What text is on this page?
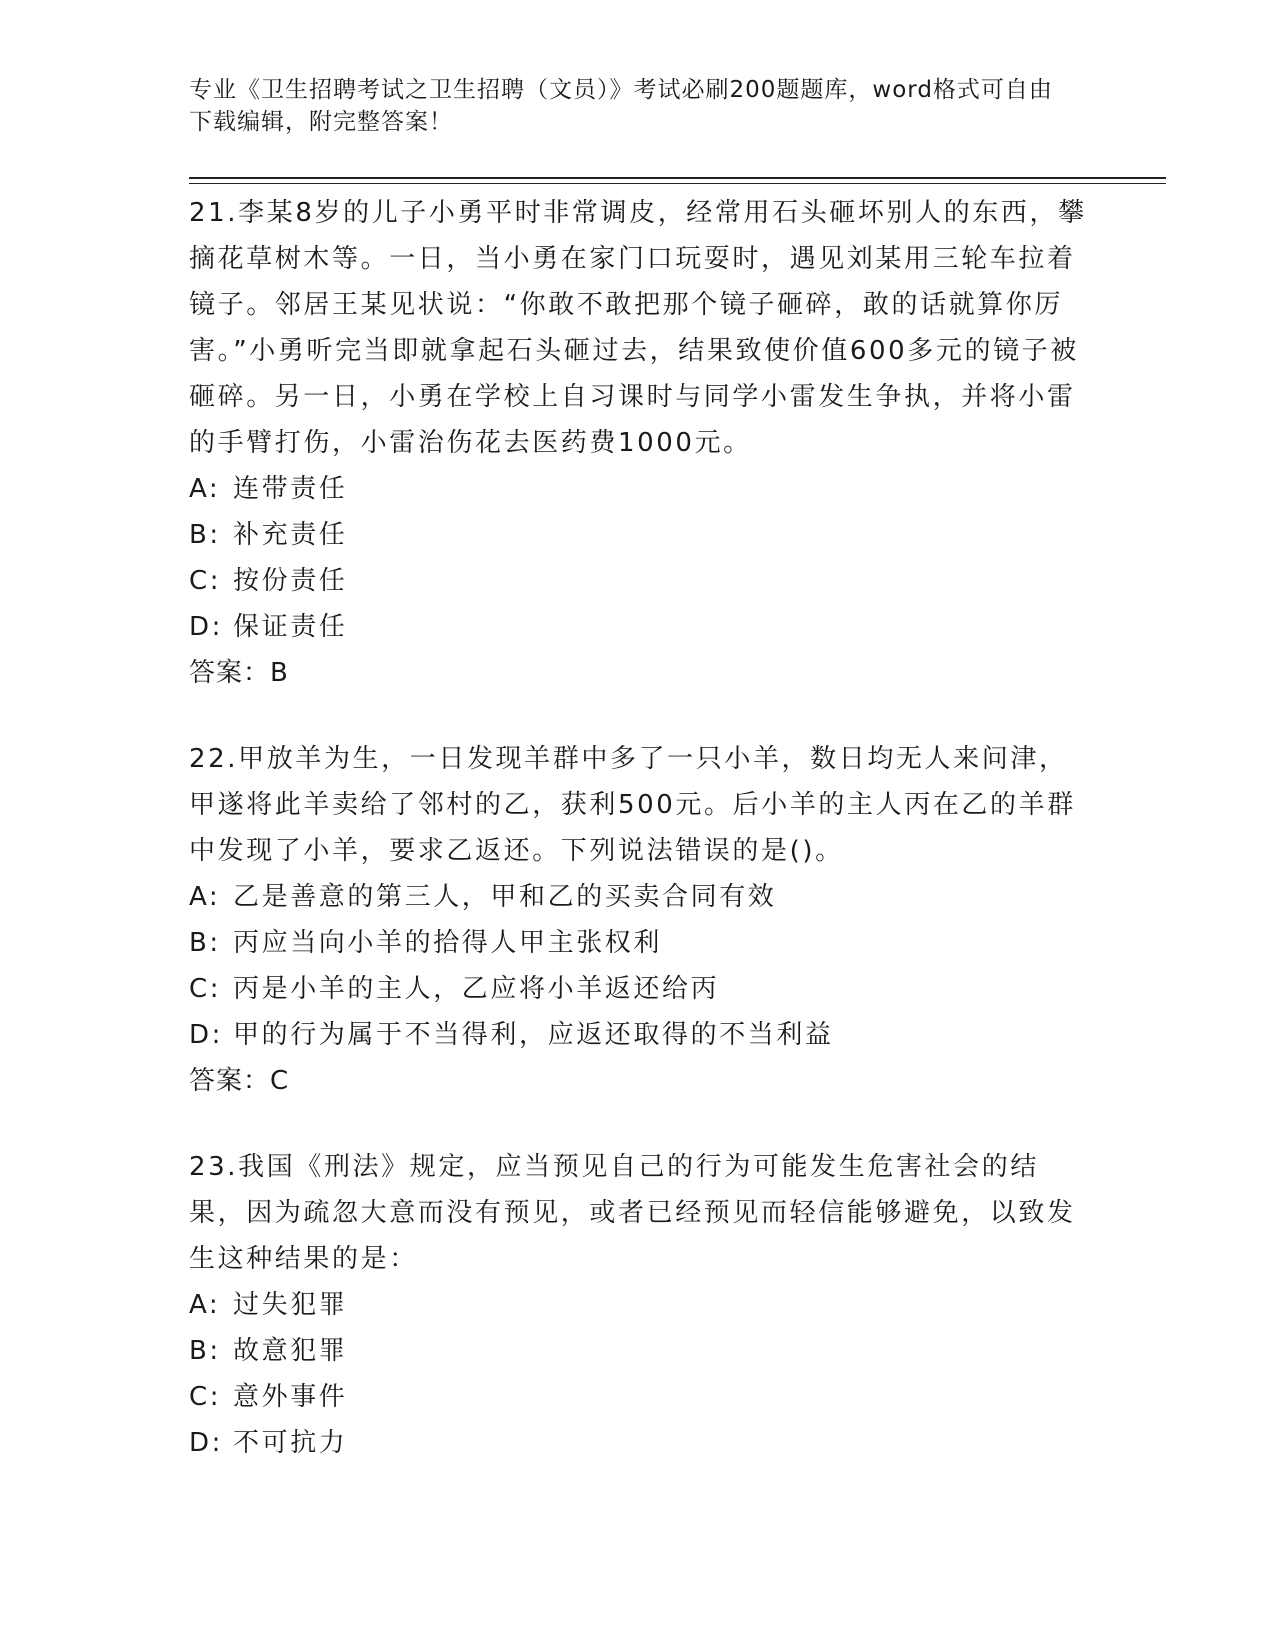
专业《卫生招聘考试之卫生招聘（文员）》考试必刷200题题库，word格式可自由下载编辑，附完整答案！

21.李某8岁的儿子小勇平时非常调皮，经常用石头砸坏别人的东西，攀摘花草树木等。一日，当小勇在家门口玩耍时，遇见刘某用三轮车拉着镜子。邻居王某见状说：“你敢不敢把那个镜子砸碎，敢的话就算你厉害。”小勇听完当即就拿起石头砸过去，结果致使价值600多元的镜子被砸碎。另一日，小勇在学校上自习课时与同学小雷发生争执，并将小雷的手臂打伤，小雷治伤花去医药费1000元。

A: 连带责任
B: 补充责任
C: 按份责任
D: 保证责任

答案：B

22.甲放羊为生，一日发现羊群中多了一只小羊，数日均无人来问津，甲遂将此羊卖给了邻村的乙，获利500元。后小羊的主人丙在乙的羊群中发现了小羊，要求乙返还。下列说法错误的是()。

A: 乙是善意的第三人，甲和乙的买卖合同有效
B: 丙应当向小羊的拾得人甲主张权利
C: 丙是小羊的主人，乙应将小羊返还给丙
D: 甲的行为属于不当得利，应返还取得的不当利益

答案：C

23.我国《刑法》规定，应当预见自己的行为可能发生危害社会的结果，因为疏忽大意而没有预见，或者已经预见而轻信能够避免，以致发生这种结果的是：

A: 过失犯罪
B: 故意犯罪
C: 意外事件
D: 不可抗力
